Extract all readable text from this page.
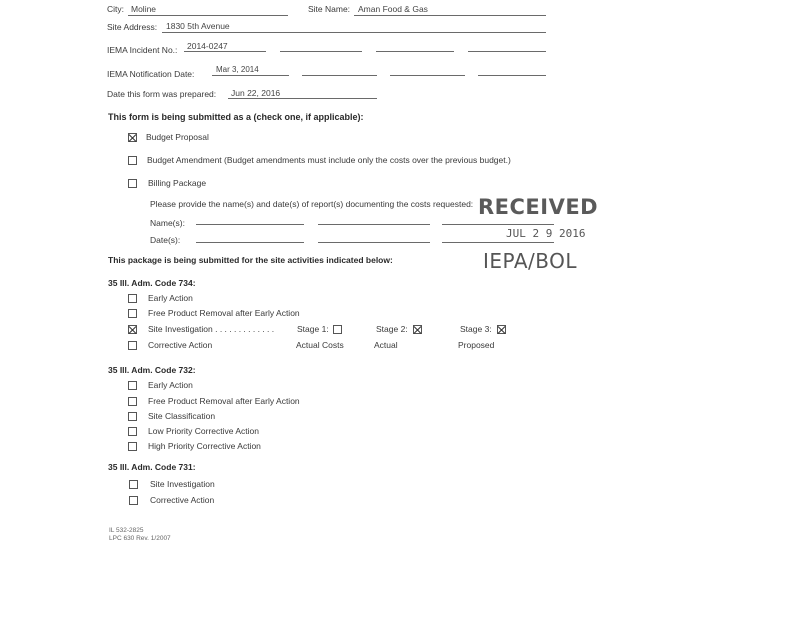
City: Moline	Site Name: Aman Food & Gas
Site Address: 1830 5th Avenue
IEMA Incident No.: 2014-0247
IEMA Notification Date:	Mar 3, 2014
Date this form was prepared: Jun 22, 2016
This form is being submitted as a (check one, if applicable):
Budget Proposal
Budget Amendment (Budget amendments must include only the costs over the previous budget.)
Billing Package
Please provide the name(s) and date(s) of report(s) documenting the costs requested:
Name(s):
Date(s):
RECEIVED
JUL 2 9 2016
IEPA/BOL
This package is being submitted for the site activities indicated below:
35 Ill. Adm. Code 734:
Early Action
Free Product Removal after Early Action
Site Investigation . . . . . . . . . . . . .
Corrective Action
Stage 1:
Actual Costs
Stage 2:
Actual
Stage 3:
Proposed
35 Ill. Adm. Code 732:
Early Action
Free Product Removal after Early Action
Site Classification
Low Priority Corrective Action
High Priority Corrective Action
35 Ill. Adm. Code 731:
Site Investigation
Corrective Action
IL 532-2825
LPC 630 Rev. 1/2007
